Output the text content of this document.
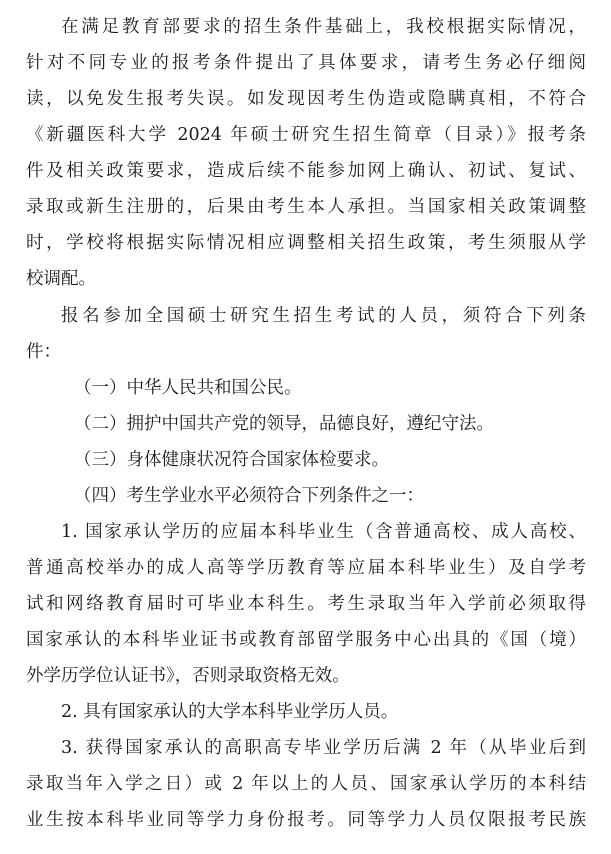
在满足教育部要求的招生条件基础上，我校根据实际情况，
针对不同专业的报考条件提出了具体要求，请考生务必仔细阅
读，以免发生报考失误。如发现因考生伪造或隐瞒真相，不符合
《新疆医科大学 2024 年硕士研究生招生简章（目录）》报考条
件及相关政策要求，造成后续不能参加网上确认、初试、复试、
录取或新生注册的，后果由考生本人承担。当国家相关政策调整
时，学校将根据实际情况相应调整相关招生政策，考生须服从学
校调配。
报名参加全国硕士研究生招生考试的人员，须符合下列条
件：
（一）中华人民共和国公民。
（二）拥护中国共产党的领导，品德良好，遵纪守法。
（三）身体健康状况符合国家体检要求。
（四）考生学业水平必须符合下列条件之一：
1. 国家承认学历的应届本科毕业生（含普通高校、成人高校、
普通高校举办的成人高等学历教育等应届本科毕业生）及自学考
试和网络教育届时可毕业本科生。考生录取当年入学前必须取得
国家承认的本科毕业证书或教育部留学服务中心出具的《国（境）
外学历学位认证书》，否则录取资格无效。
2. 具有国家承认的大学本科毕业学历人员。
3. 获得国家承认的高职高专毕业学历后满 2 年（从毕业后到
录取当年入学之日）或 2 年以上的人员、国家承认学历的本科结
业生按本科毕业同等学力身份报考。同等学力人员仅限报考民族
